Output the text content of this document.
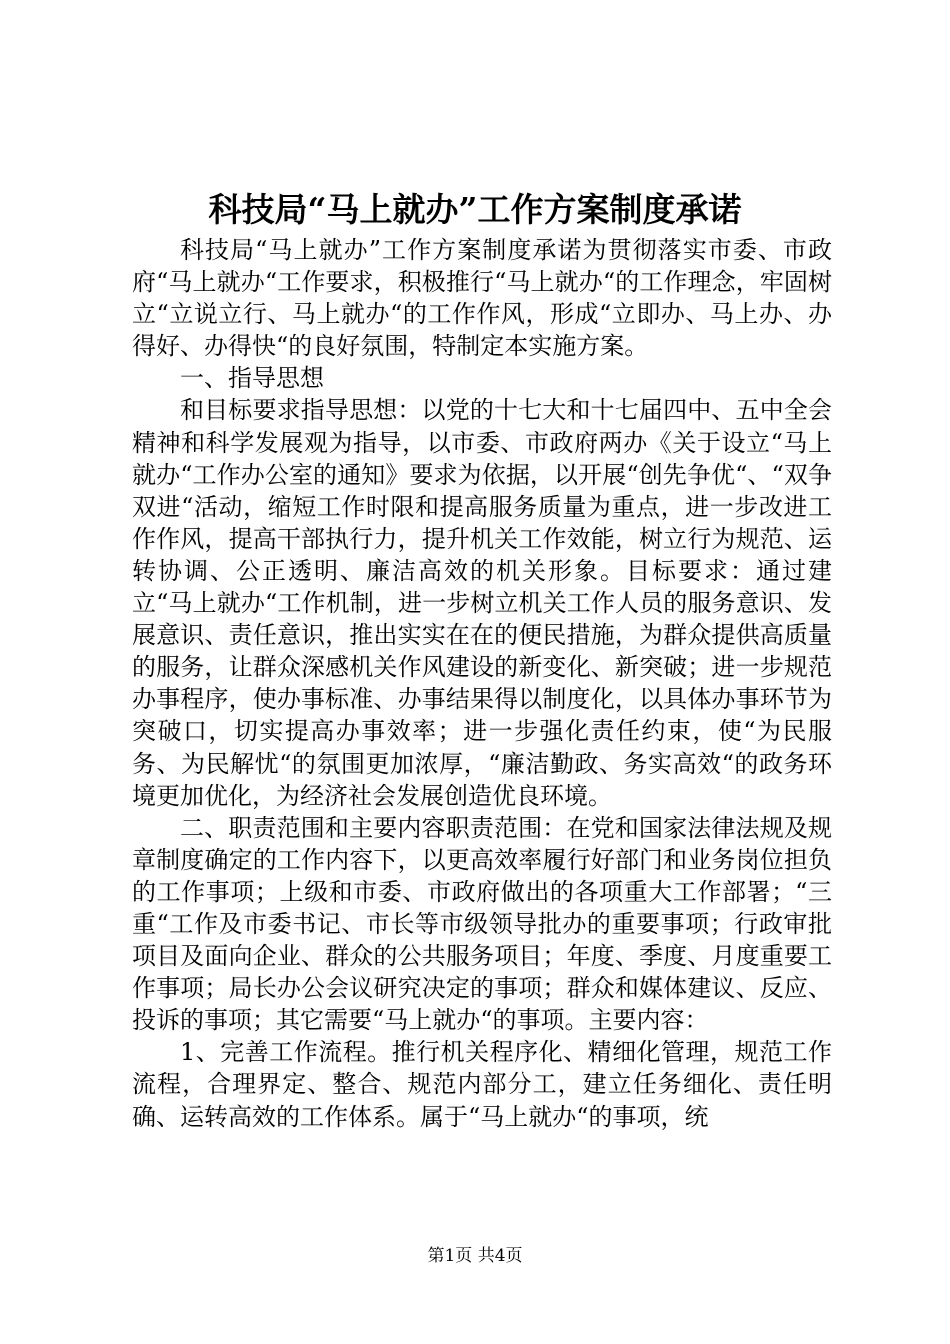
科技局“马上就办”工作方案制度承诺

科技局“马上就办”工作方案制度承诺为贯彻落实市委、市政府“马上就办“工作要求，积极推行“马上就办“的工作理念，牢固树立“立说立行、马上就办“的工作作风，形成“立即办、马上办、办得好、办得快“的良好氛围，特制定本实施方案。

一、指导思想

和目标要求指导思想：以党的十七大和十七届四中、五中全会精神和科学发展观为指导，以市委、市政府两办《关于设立“马上就办“工作办公室的通知》要求为依据，以开展“创先争优“、“双争双进“活动，缩短工作时限和提高服务质量为重点，进一步改进工作作风，提高干部执行力，提升机关工作效能，树立行为规范、运转协调、公正透明、廉洁高效的机关形象。目标要求：通过建立“马上就办“工作机制，进一步树立机关工作人员的服务意识、发展意识、责任意识，推出实实在在的便民措施，为群众提供高质量的服务，让群众深感机关作风建设的新变化、新突破；进一步规范办事程序，使办事标准、办事结果得以制度化，以具体办事环节为突破口，切实提高办事效率；进一步强化责任约束，使“为民服务、为民解忧“的氛围更加浓厚，“廉洁勤政、务实高效“的政务环境更加优化，为经济社会发展创造优良环境。

二、职责范围和主要内容职责范围：在党和国家法律法规及规章制度确定的工作内容下，以更高效率履行好部门和业务岗位担负的工作事项；上级和市委、市政府做出的各项重大工作部署；“三重“工作及市委书记、市长等市级领导批办的重要事项；行政审批项目及面向企业、群众的公共服务项目；年度、季度、月度重要工作事项；局长办公会议研究决定的事项；群众和媒体建议、反应、投诉的事项；其它需要“马上就办“的事项。主要内容：

1、完善工作流程。推行机关程序化、精细化管理，规范工作流程，合理界定、整合、规范内部分工，建立任务细化、责任明确、运转高效的工作体系。属于“马上就办“的事项，统

第1页 共4页
